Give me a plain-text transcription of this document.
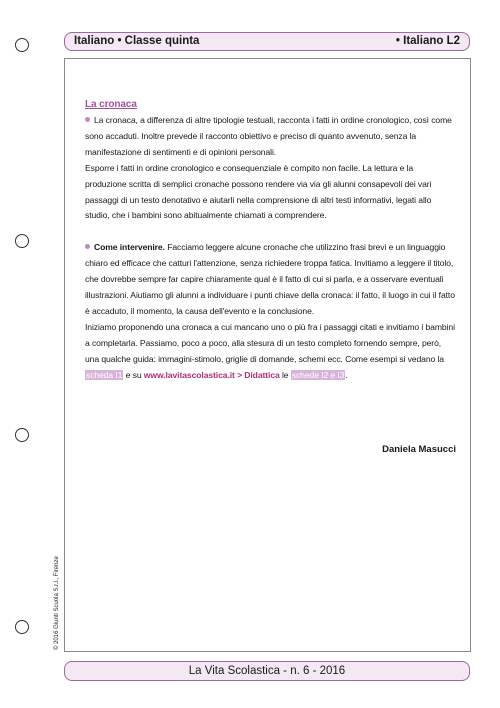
Italiano • Classe quinta	• Italiano L2
La cronaca

La cronaca, a differenza di altre tipologie testuali, racconta i fatti in ordine cronologico, così come sono accaduti. Inoltre prevede il racconto obiettivo e preciso di quanto avvenuto, senza la manifestazione di sentimenti e di opinioni personali.

Esporre i fatti in ordine cronologico e consequenziale è compito non facile. La lettura e la produzione scritta di semplici cronache possono rendere via via gli alunni consapevoli dei vari passaggi di un testo denotativo e aiutarli nella comprensione di altri testi informativi, legati allo studio, che i bambini sono abitualmente chiamati a comprendere.

Come intervenire. Facciamo leggere alcune cronache che utilizzino frasi brevi e un linguaggio chiaro ed efficace che catturi l'attenzione, senza richiedere troppa fatica. Invitiamo a leggere il titolo, che dovrebbe sempre far capire chiaramente qual è il fatto di cui si parla, e a osservare eventuali illustrazioni. Aiutiamo gli alunni a individuare i punti chiave della cronaca: il fatto, il luogo in cui il fatto è accaduto, il momento, la causa dell'evento e la conclusione.

Iniziamo proponendo una cronaca a cui mancano uno o più fra i passaggi citati e invitiamo i bambini a completarla. Passiamo, poco a poco, alla stesura di un testo completo fornendo sempre, però, una qualche guida: immagini-stimolo, griglie di domande, schemi ecc. Come esempi si vedano la scheda I1 e su www.lavitascolastica.it > Didattica le schede I2 e I3.

Daniela Masucci
© 2016 Giunti Scuola S.r.l., Firenze
La Vita Scolastica - n. 6 - 2016
